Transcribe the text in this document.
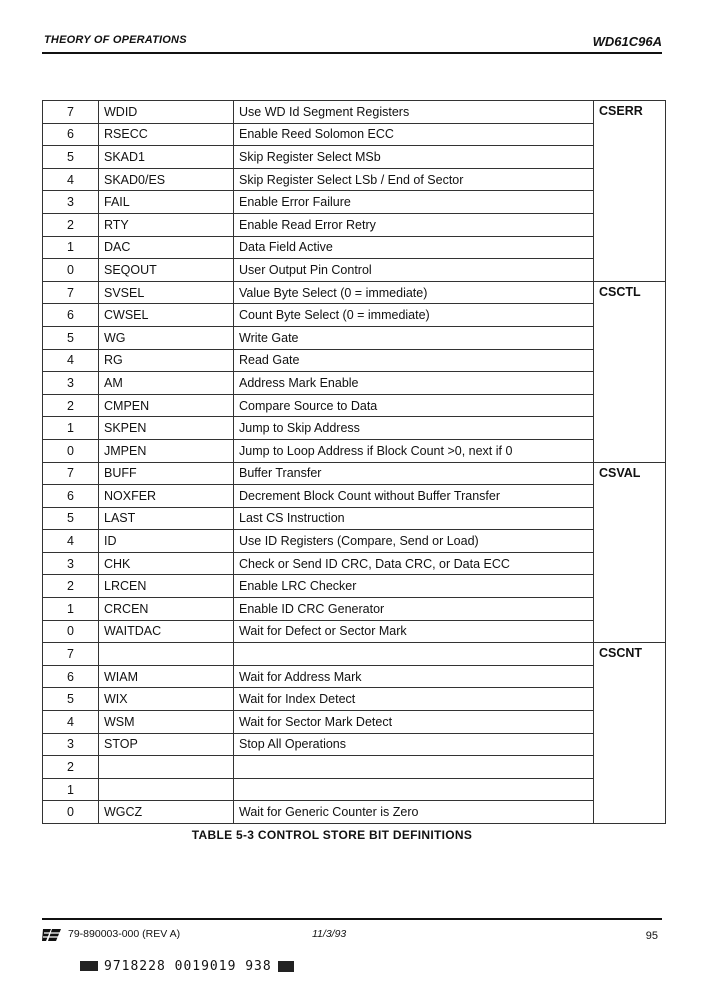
THEORY OF OPERATIONS	WD61C96A
7	WDID	Use WD Id Segment Registers	CSERR
6	RSECC	Enable Reed Solomon ECC	
5	SKAD1	Skip Register Select MSb	
4	SKAD0/ES	Skip Register Select LSb / End of Sector	
3	FAIL	Enable Error Failure	
2	RTY	Enable Read Error Retry	
1	DAC	Data Field Active	
0	SEQOUT	User Output Pin Control	
7	SVSEL	Value Byte Select (0 = immediate)	CSCTL
6	CWSEL	Count Byte Select (0 = immediate)	
5	WG	Write Gate	
4	RG	Read Gate	
3	AM	Address Mark Enable	
2	CMPEN	Compare Source to Data	
1	SKPEN	Jump to Skip Address	
0	JMPEN	Jump to Loop Address if Block Count >0, next if 0	
7	BUFF	Buffer Transfer	CSVAL
6	NOXFER	Decrement Block Count without Buffer Transfer	
5	LAST	Last CS Instruction	
4	ID	Use ID Registers (Compare, Send or Load)	
3	CHK	Check or Send ID CRC, Data CRC, or Data ECC	
2	LRCEN	Enable LRC Checker	
1	CRCEN	Enable ID CRC Generator	
0	WAITDAC	Wait for Defect or Sector Mark	
7			CSCNT
6	WIAM	Wait for Address Mark	
5	WIX	Wait for Index Detect	
4	WSM	Wait for Sector Mark Detect	
3	STOP	Stop All Operations	
2			
1			
0	WGCZ	Wait for Generic Counter is Zero	
TABLE 5-3 CONTROL STORE BIT DEFINITIONS
79-890003-000 (REV A)	11/3/93	95
9718228 0019019 938
